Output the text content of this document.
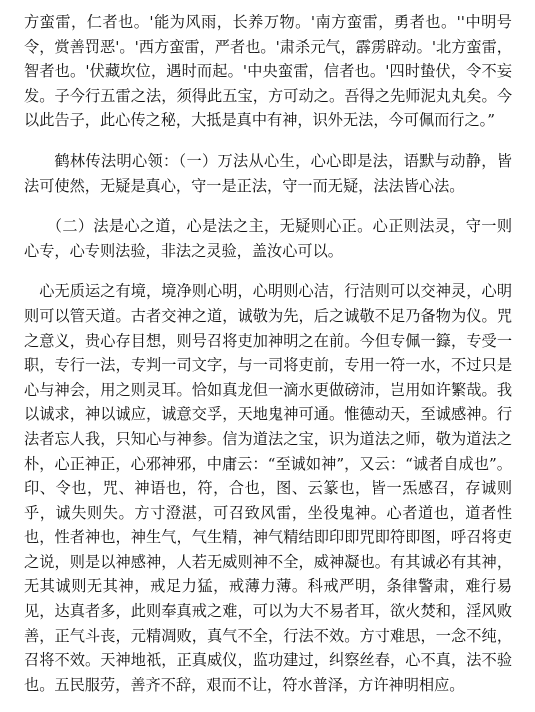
方蛮雷，仁者也。'能为风雨，长养万物。'南方蛮雷，勇者也。''中明号令，赏善罚恶'。'西方蛮雷，严者也。'肃杀元气，霹雳辟动。'北方蛮雷，智者也。'伏藏坎位，遇时而起。'中央蛮雷，信者也。'四时蛰伏，令不妄发。子今行五雷之法，须得此五宝，方可动之。吾得之先师泥丸丸矣。今以此告子，此心传之秘，大抵是真中有神，识外无法，今可佩而行之。”

鹤林传法明心领：（一）万法从心生，心心即是法，语默与动静，皆法可使然，无疑是真心，守一是正法，守一而无疑，法法皆心法。

（二）法是心之道，心是法之主，无疑则心正。心正则法灵，守一则心专，心专则法验，非法之灵验，盖汝心可以。

心无质运之有境，境净则心明，心明则心洁，行洁则可以交神灵，心明则可以管天道。古者交神之道，诚敬为先，后之诚敬不足乃备物为仪。咒之意义，贵心存目想，则号召将吏加神明之在前。今但专佩一籙，专受一职，专行一法，专判一司文字，与一司将吏前，专用一符一水，不过只是心与神会，用之则灵耳。恰如真龙但一滴水更做磅沛，岂用如许繁哉。我以诚求，神以诚应，诚意交孚，天地鬼神可通。惟德动天，至诚感神。行法者忘人我，只知心与神参。信为道法之宝，识为道法之师，敬为道法之朴，心正神正，心邪神邪，中庸云：“至诚如神”，又云：“诚者自成也”。印、令也，咒、神语也，符，合也，图、云篆也，皆一炁感召，存诚则乎，诚失则失。方寸澄湛，可召致风雷，坐役鬼神。心者道也，道者性也，性者神也，神生气，气生精，神气精结即印即咒即符即图，呼召将吏之说，则是以神感神，人若无威则神不全，威神凝也。有其诚必有其神，无其诚则无其神，戒足力猛，戒薄力薄。科戒严明，条律警肃，难行易见，达真者多，此则奉真戒之难，可以为大不易者耳，欲火焚和，淫风败善，正气斗丧，元精凋败，真气不全，行法不效。方寸难思，一念不纯，召将不效。天神地祇，正真威仪，监功建过，纠察丝春，心不真，法不验也。五民服劳，善齐不辞，艰而不让，符水普泽，方许神明相应。
